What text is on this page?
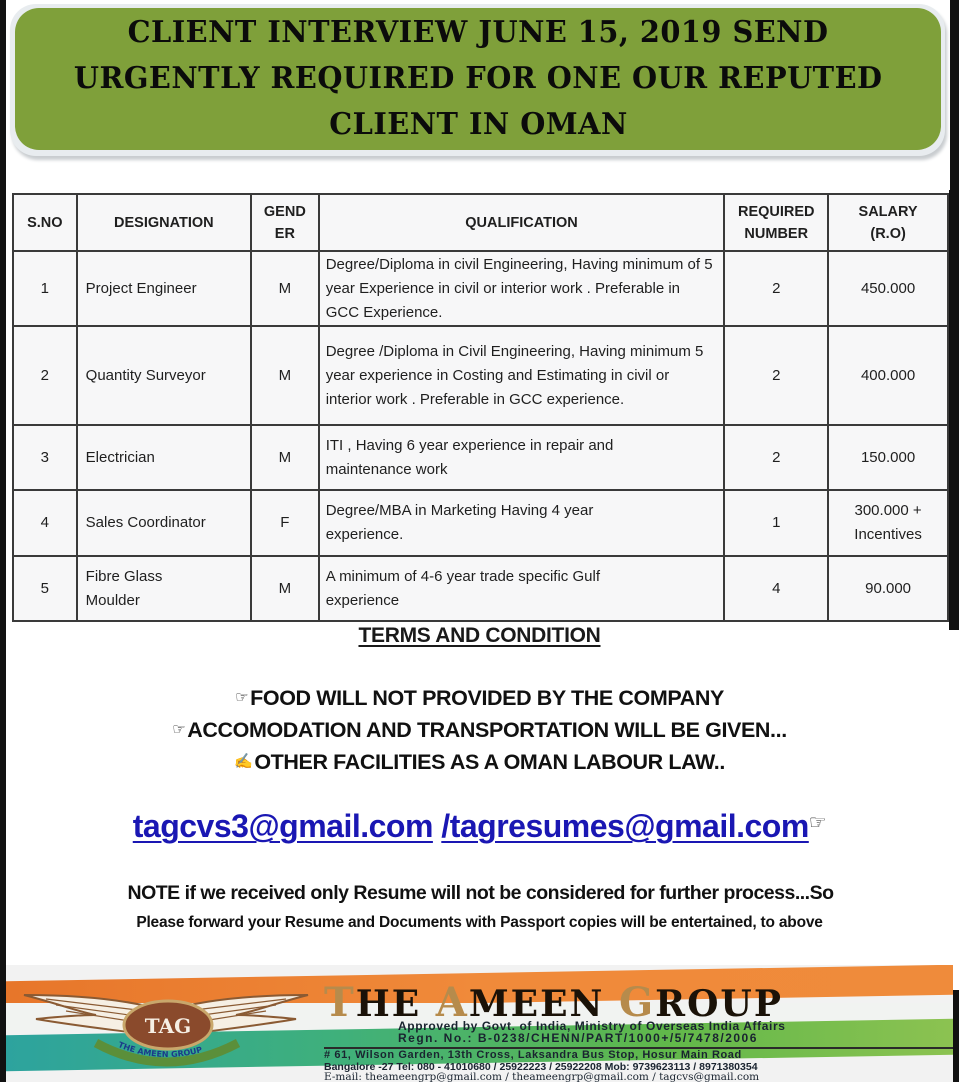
CLIENT INTERVIEW JUNE 15, 2019 SEND
URGENTLY REQUIRED FOR ONE OUR REPUTED
CLIENT IN OMAN
S.NO	DESIGNATION	GEND ER	QUALIFICATION	REQUIRED NUMBER	SALARY (R.O)
1	Project Engineer	M	Degree/Diploma in civil Engineering, Having minimum of 5 year Experience in civil or interior work . Preferable in GCC Experience.	2	450.000
2	Quantity Surveyor	M	Degree /Diploma in Civil Engineering, Having minimum 5 year experience in Costing and Estimating in civil or interior work . Preferable in GCC experience.	2	400.000
3	Electrician	M	ITI , Having 6 year experience in repair and maintenance work	2	150.000
4	Sales Coordinator	F	Degree/MBA in Marketing Having 4 year experience.	1	300.000 + Incentives
5	Fibre Glass Moulder	M	A minimum of 4-6 year trade specific Gulf experience	4	90.000
TERMS AND CONDITION
☞FOOD WILL NOT PROVIDED BY THE COMPANY
☞ACCOMODATION AND TRANSPORTATION WILL BE GIVEN...
✍OTHER FACILITIES AS A OMAN LABOUR LAW..
tagcvs3@gmail.com /tagresumes@gmail.com☞
NOTE if we received only Resume will not be considered for further process...So
Please forward your Resume and Documents with Passport copies will be entertained, to above
TAG
THE AMEEN GROUP
THE AMEEN GROUP
Approved by Govt. of India, Ministry of Overseas India Affairs
Regn. No.: B-0238/CHENN/PART/1000+/5/7478/2006
# 61, Wilson Garden, 13th Cross, Laksandra Bus Stop, Hosur Main Road
Bangalore -27 Tel: 080 - 41010680 / 25922223 / 25922208 Mob: 9739623113 / 8971380354
E-mail: theameengrp@gmail.com / theameengrp@gmail.com / tagcvs@gmail.com
